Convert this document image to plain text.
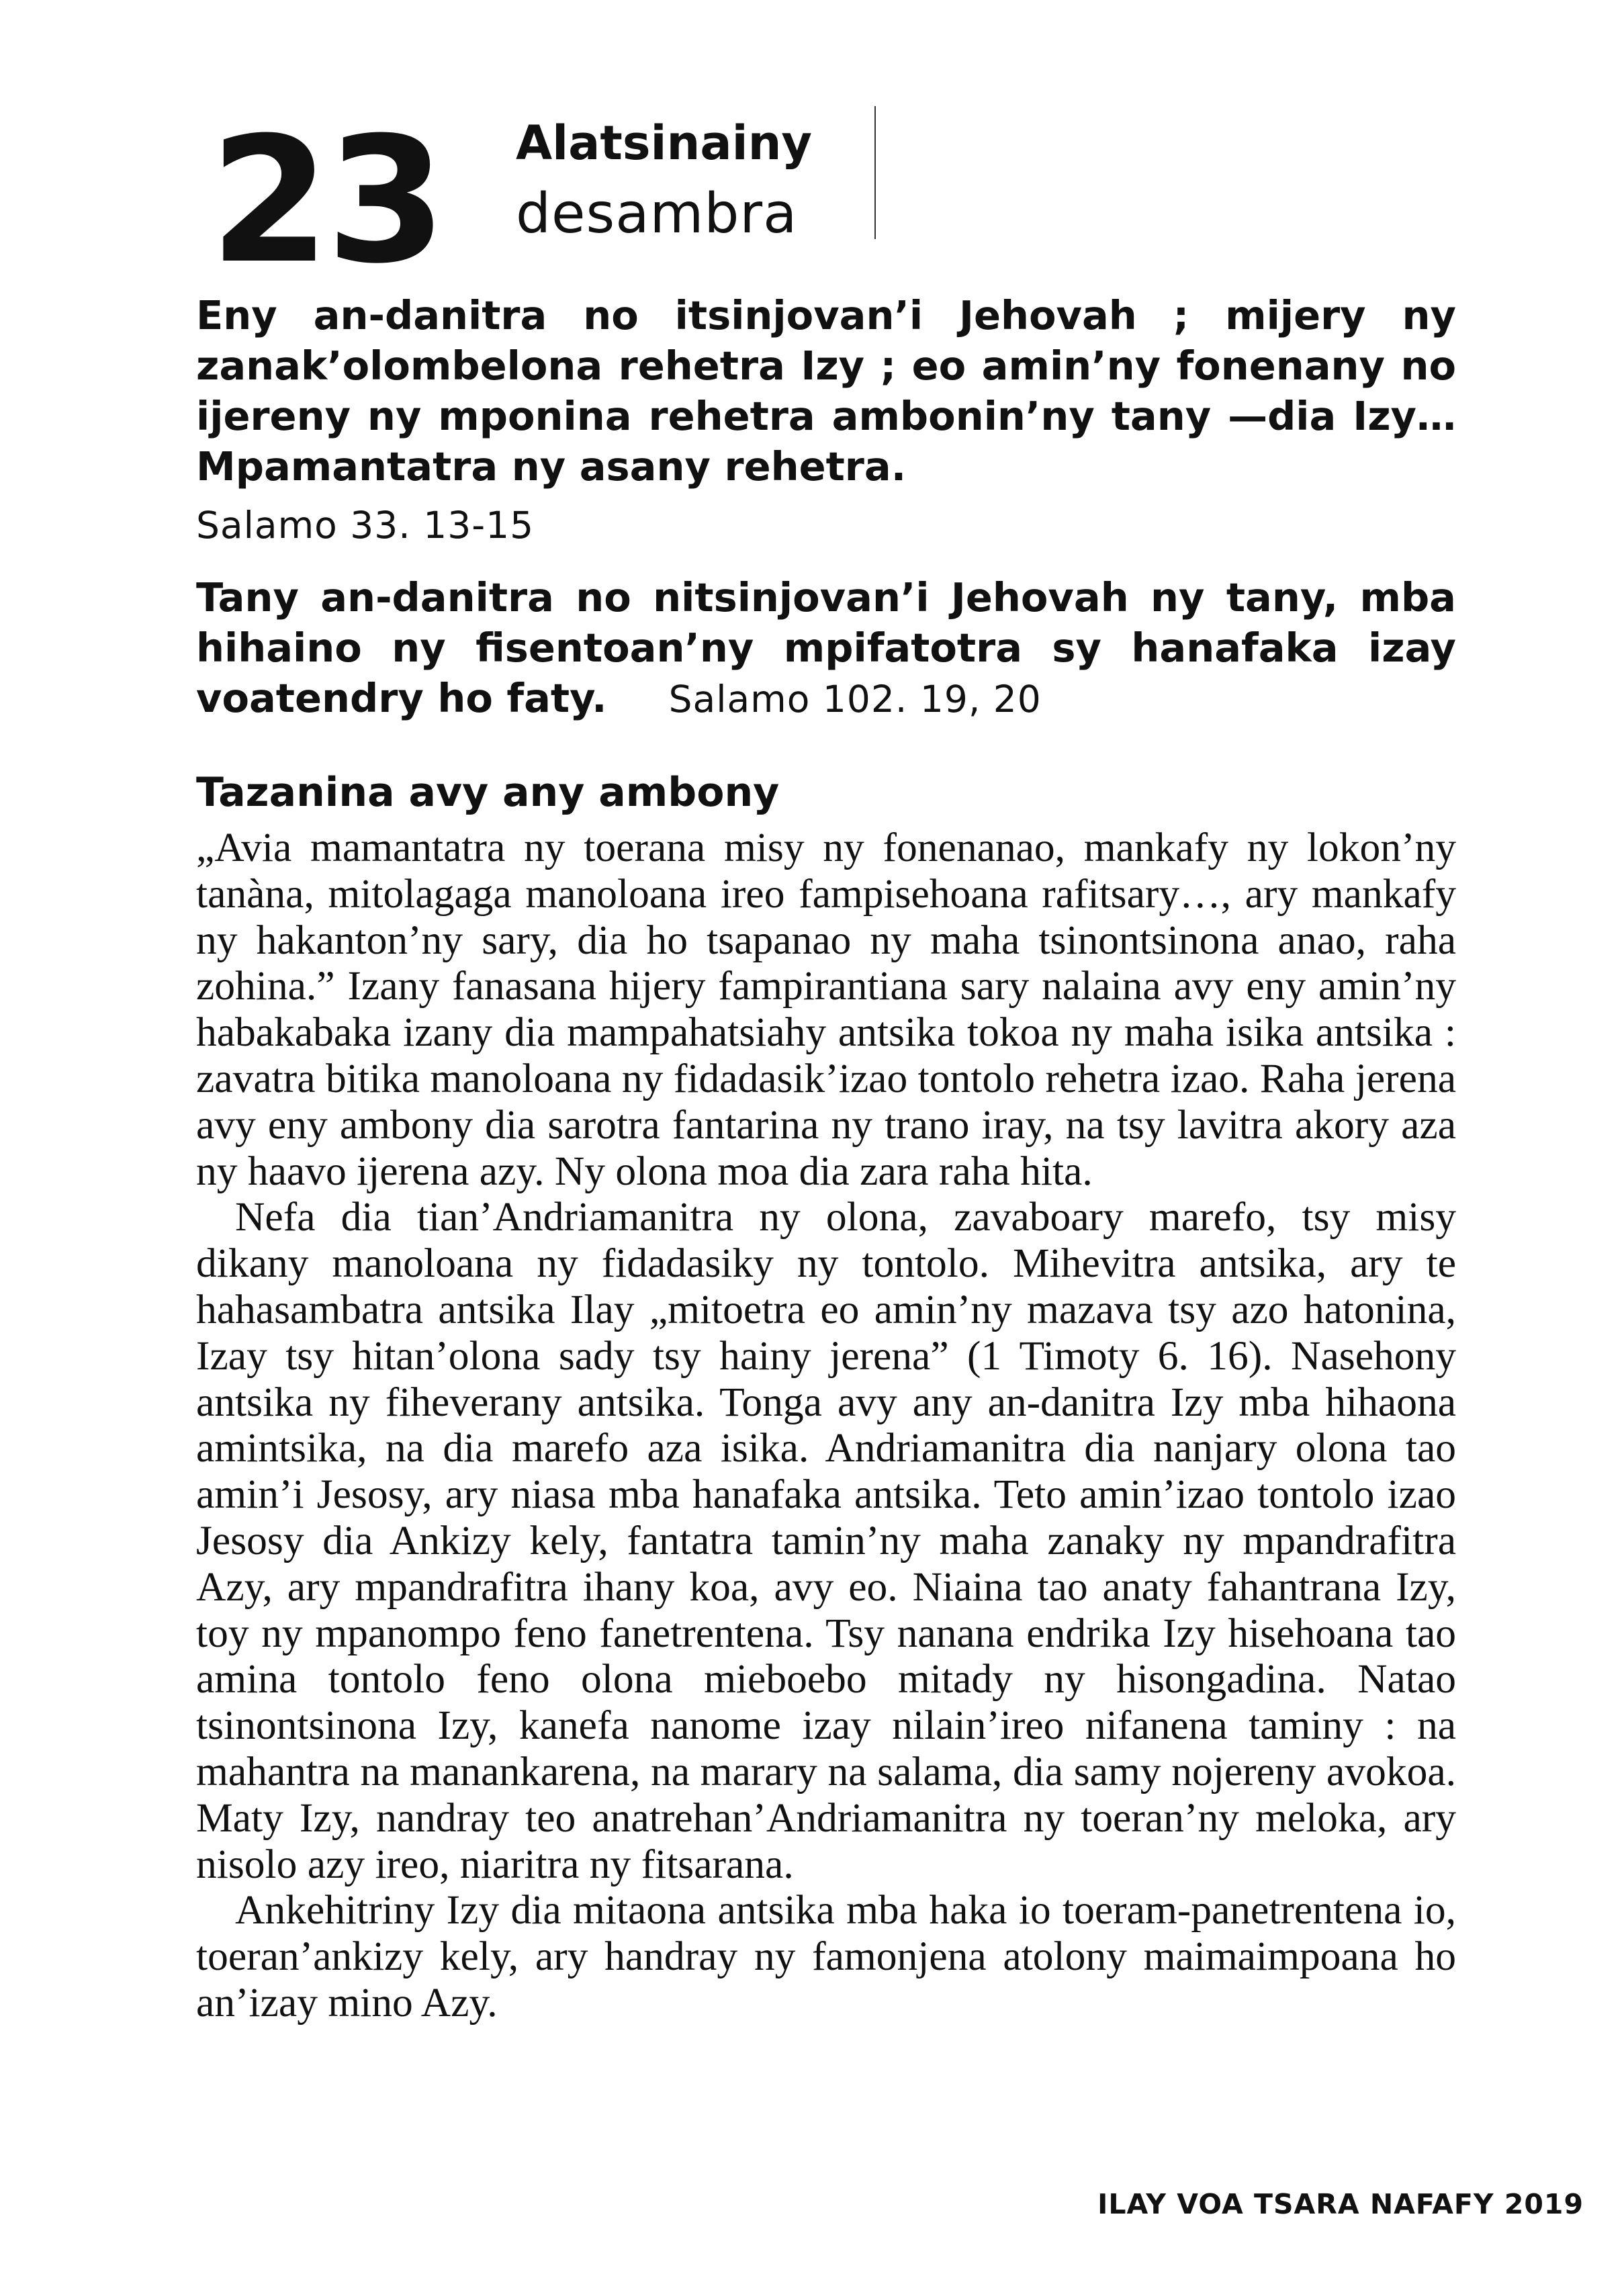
23 Alatsinainy
desambra
Eny an-danitra no itsinjovan’i Jehovah ; mijery ny zanak’olombelona rehetra Izy ; eo amin’ny fonenany no ijereny ny mponina rehetra ambonin’ny tany —dia Izy… Mpamantatra ny asany rehetra.
Salamo 33. 13-15
Tany an-danitra no nitsinjovan’i Jehovah ny tany, mba hihaino ny fisentoan’ny mpifatotra sy hanafaka izay voatendry ho faty. Salamo 102. 19, 20
Tazanina avy any ambony

„Avia mamantatra ny toerana misy ny fonenanao, mankafy ny lokon’ny tanàna, mitolagaga manoloana ireo fampisehoana rafitsary…, ary mankafy ny hakanton’ny sary, dia ho tsapanao ny maha tsinontsinona anao, raha zohina.” Izany fanasana hijery fampirantiana sary nalaina avy eny amin’ny habakabaka izany dia mampahatsiahy antsika tokoa ny maha isika antsika : zavatra bitika manoloana ny fidadasik’izao tontolo rehetra izao. Raha jerena avy eny ambony dia sarotra fantarina ny trano iray, na tsy lavitra akory aza ny haavo ijerena azy. Ny olona moa dia zara raha hita.

Nefa dia tian’Andriamanitra ny olona, zavaboary marefo, tsy misy dikany manoloana ny fidadasiky ny tontolo. Mihevitra antsika, ary te hahasambatra antsika Ilay „mitoetra eo amin’ny mazava tsy azo hatonina, Izay tsy hitan’olona sady tsy hainy jerena” (1 Timoty 6. 16). Nasehony antsika ny fiheverany antsika. Tonga avy any an-danitra Izy mba hihaona amintsika, na dia marefo aza isika. Andriamanitra dia nanjary olona tao amin’i Jesosy, ary niasa mba hanafaka antsika. Teto amin’izao tontolo izao Jesosy dia Ankizy kely, fantatra tamin’ny maha zanaky ny mpandrafitra Azy, ary mpandrafitra ihany koa, avy eo. Niaina tao anaty fahantrana Izy, toy ny mpanompo feno fanetrentena. Tsy nanana endrika Izy hisehoana tao amina tontolo feno olona mieboebo mitady ny hisongadina. Natao tsinontsinona Izy, kanefa nanome izay nilain’ireo nifanena taminy : na mahantra na manankarena, na marary na salama, dia samy nojereny avokoa. Maty Izy, nandray teo anatrehan’Andriamanitra ny toeran’ny meloka, ary nisolo azy ireo, niaritra ny fitsarana.

Ankehitriny Izy dia mitaona antsika mba haka io toeram-panetrentena io, toeran’ankizy kely, ary handray ny famonjena atolony maimaimpoana ho an’izay mino Azy.

ILAY VOA TSARA NAFAFY 2019
